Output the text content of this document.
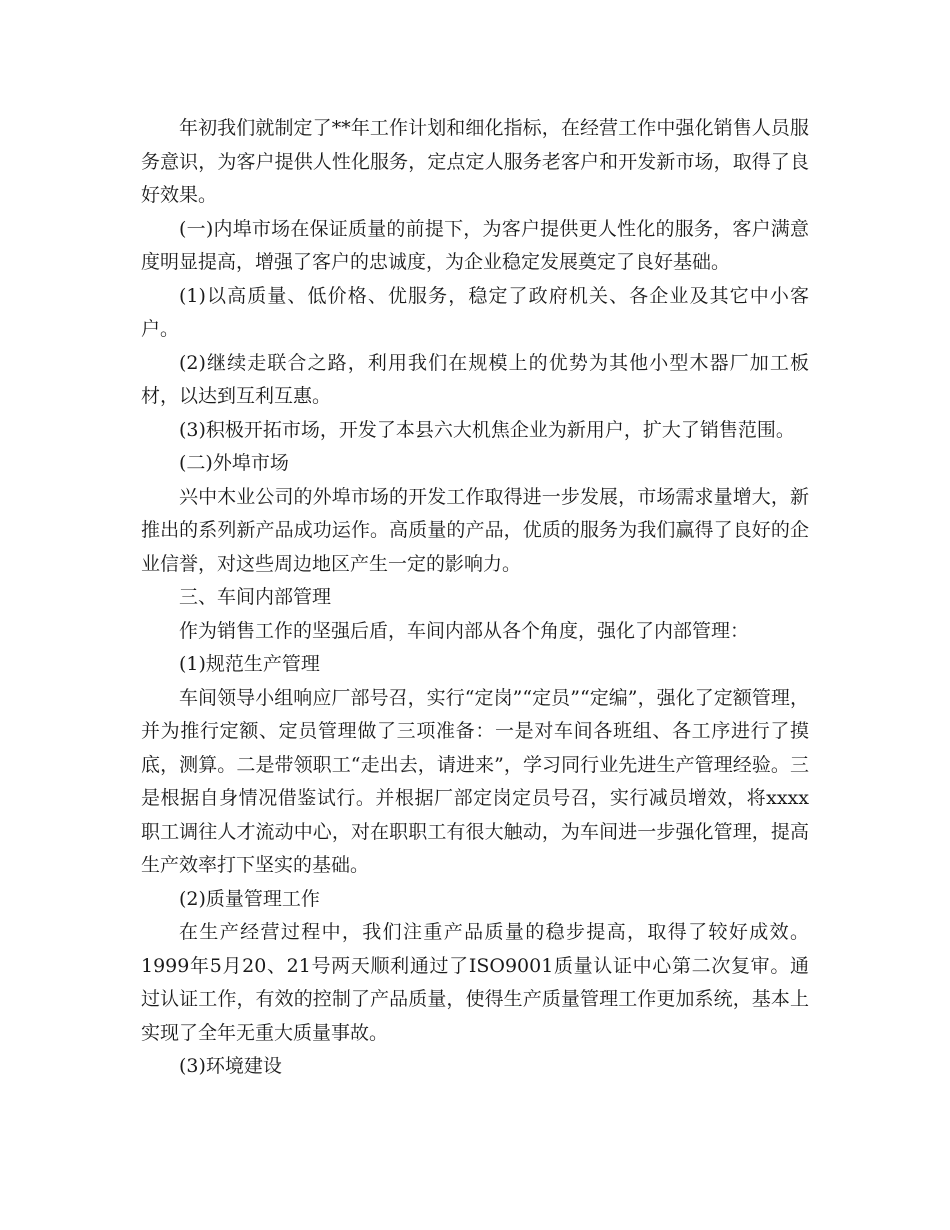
年初我们就制定了**年工作计划和细化指标，在经营工作中强化销售人员服务意识，为客户提供人性化服务，定点定人服务老客户和开发新市场，取得了良好效果。

(一)内埠市场在保证质量的前提下，为客户提供更人性化的服务，客户满意度明显提高，增强了客户的忠诚度，为企业稳定发展奠定了良好基础。

(1)以高质量、低价格、优服务，稳定了政府机关、各企业及其它中小客户。

(2)继续走联合之路，利用我们在规模上的优势为其他小型木器厂加工板材，以达到互利互惠。

(3)积极开拓市场，开发了本县六大机焦企业为新用户，扩大了销售范围。

(二)外埠市场

兴中木业公司的外埠市场的开发工作取得进一步发展，市场需求量增大，新推出的系列新产品成功运作。高质量的产品，优质的服务为我们赢得了良好的企业信誉，对这些周边地区产生一定的影响力。

三、车间内部管理

作为销售工作的坚强后盾，车间内部从各个角度，强化了内部管理：

(1)规范生产管理

车间领导小组响应厂部号召，实行“定岗”“定员”“定编”，强化了定额管理，并为推行定额、定员管理做了三项准备：一是对车间各班组、各工序进行了摸底，测算。二是带领职工“走出去，请进来”，学习同行业先进生产管理经验。三是根据自身情况借鉴试行。并根据厂部定岗定员号召，实行减员增效，将xxxx职工调往人才流动中心，对在职职工有很大触动，为车间进一步强化管理，提高生产效率打下坚实的基础。

(2)质量管理工作

在生产经营过程中，我们注重产品质量的稳步提高，取得了较好成效。1999年5月20、21号两天顺利通过了ISO9001质量认证中心第二次复审。通过认证工作，有效的控制了产品质量，使得生产质量管理工作更加系统，基本上实现了全年无重大质量事故。

(3)环境建设
